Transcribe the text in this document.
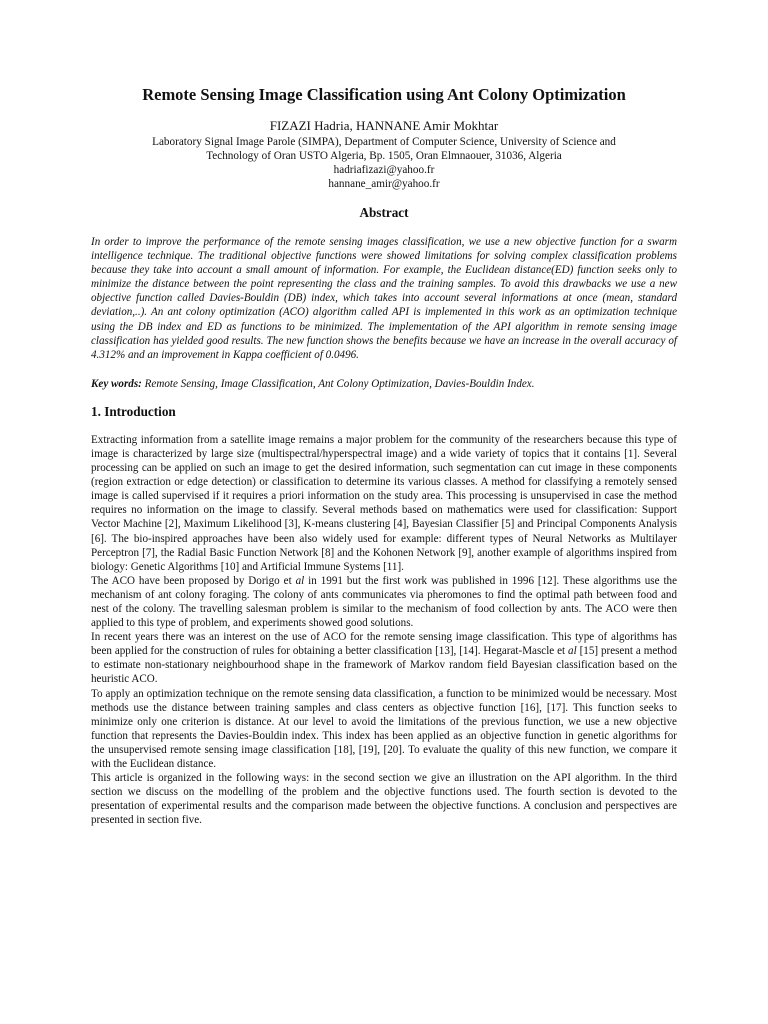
Remote Sensing Image Classification using Ant Colony Optimization
FIZAZI Hadria, HANNANE Amir Mokhtar
Laboratory Signal Image Parole (SIMPA), Department of Computer Science, University of Science and
Technology of Oran USTO Algeria, Bp. 1505, Oran Elmnaouer, 31036, Algeria
hadriafizazi@yahoo.fr
hannane_amir@yahoo.fr
Abstract

In order to improve the performance of the remote sensing images classification, we use a new objective function for a swarm intelligence technique. The traditional objective functions were showed limitations for solving complex classification problems because they take into account a small amount of information. For example, the Euclidean distance(ED) function seeks only to minimize the distance between the point representing the class and the training samples. To avoid this drawbacks we use a new objective function called Davies-Bouldin (DB) index, which takes into account several informations at once (mean, standard deviation,..). An ant colony optimization (ACO) algorithm called API is implemented in this work as an optimization technique using the DB index and ED as functions to be minimized. The implementation of the API algorithm in remote sensing image classification has yielded good results. The new function shows the benefits because we have an increase in the overall accuracy of 4.312% and an improvement in Kappa coefficient of 0.0496.

Key words: Remote Sensing, Image Classification, Ant Colony Optimization, Davies-Bouldin Index.

1. Introduction

Extracting information from a satellite image remains a major problem for the community of the researchers because this type of image is characterized by large size (multispectral/hyperspectral image) and a wide variety of topics that it contains [1]. Several processing can be applied on such an image to get the desired information, such segmentation can cut image in these components (region extraction or edge detection) or classification to determine its various classes. A method for classifying a remotely sensed image is called supervised if it requires a priori information on the study area. This processing is unsupervised in case the method requires no information on the image to classify. Several methods based on mathematics were used for classification: Support Vector Machine [2], Maximum Likelihood [3], K-means clustering [4], Bayesian Classifier [5] and Principal Components Analysis [6]. The bio-inspired approaches have been also widely used for example: different types of Neural Networks as Multilayer Perceptron [7], the Radial Basic Function Network [8] and the Kohonen Network [9], another example of algorithms inspired from biology: Genetic Algorithms [10] and Artificial Immune Systems [11].

The ACO have been proposed by Dorigo et al in 1991 but the first work was published in 1996 [12]. These algorithms use the mechanism of ant colony foraging. The colony of ants communicates via pheromones to find the optimal path between food and nest of the colony. The travelling salesman problem is similar to the mechanism of food collection by ants. The ACO were then applied to this type of problem, and experiments showed good solutions.

In recent years there was an interest on the use of ACO for the remote sensing image classification. This type of algorithms has been applied for the construction of rules for obtaining a better classification [13], [14]. Hegarat-Mascle et al [15] present a method to estimate non-stationary neighbourhood shape in the framework of Markov random field Bayesian classification based on the heuristic ACO.

To apply an optimization technique on the remote sensing data classification, a function to be minimized would be necessary. Most methods use the distance between training samples and class centers as objective function [16], [17]. This function seeks to minimize only one criterion is distance. At our level to avoid the limitations of the previous function, we use a new objective function that represents the Davies-Bouldin index. This index has been applied as an objective function in genetic algorithms for the unsupervised remote sensing image classification [18], [19], [20]. To evaluate the quality of this new function, we compare it with the Euclidean distance.

This article is organized in the following ways: in the second section we give an illustration on the API algorithm. In the third section we discuss on the modelling of the problem and the objective functions used. The fourth section is devoted to the presentation of experimental results and the comparison made between the objective functions. A conclusion and perspectives are presented in section five.
